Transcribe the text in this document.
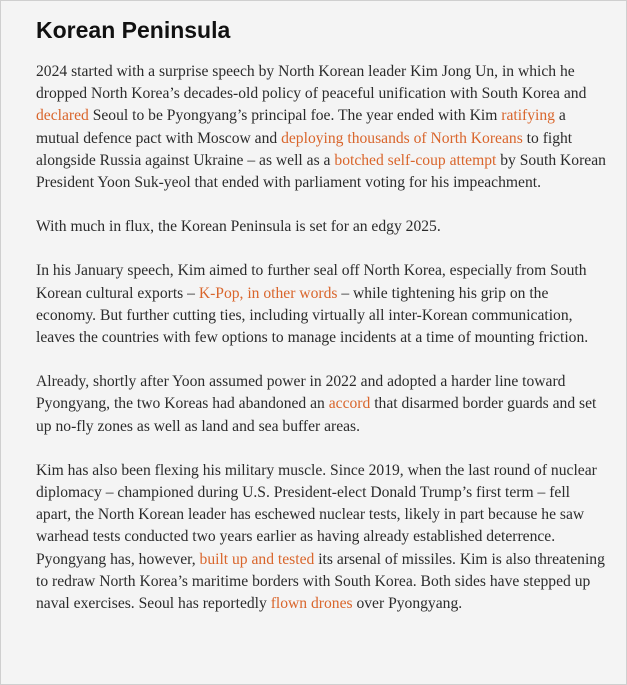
Korean Peninsula

2024 started with a surprise speech by North Korean leader Kim Jong Un, in which he dropped North Korea’s decades-old policy of peaceful unification with South Korea and declared Seoul to be Pyongyang’s principal foe. The year ended with Kim ratifying a mutual defence pact with Moscow and deploying thousands of North Koreans to fight alongside Russia against Ukraine – as well as a botched self-coup attempt by South Korean President Yoon Suk-yeol that ended with parliament voting for his impeachment.

With much in flux, the Korean Peninsula is set for an edgy 2025.

In his January speech, Kim aimed to further seal off North Korea, especially from South Korean cultural exports – K-Pop, in other words – while tightening his grip on the economy. But further cutting ties, including virtually all inter-Korean communication, leaves the countries with few options to manage incidents at a time of mounting friction.

Already, shortly after Yoon assumed power in 2022 and adopted a harder line toward Pyongyang, the two Koreas had abandoned an accord that disarmed border guards and set up no-fly zones as well as land and sea buffer areas.

Kim has also been flexing his military muscle. Since 2019, when the last round of nuclear diplomacy – championed during U.S. President-elect Donald Trump’s first term – fell apart, the North Korean leader has eschewed nuclear tests, likely in part because he saw warhead tests conducted two years earlier as having already established deterrence. Pyongyang has, however, built up and tested its arsenal of missiles. Kim is also threatening to redraw North Korea’s maritime borders with South Korea. Both sides have stepped up naval exercises. Seoul has reportedly flown drones over Pyongyang.
